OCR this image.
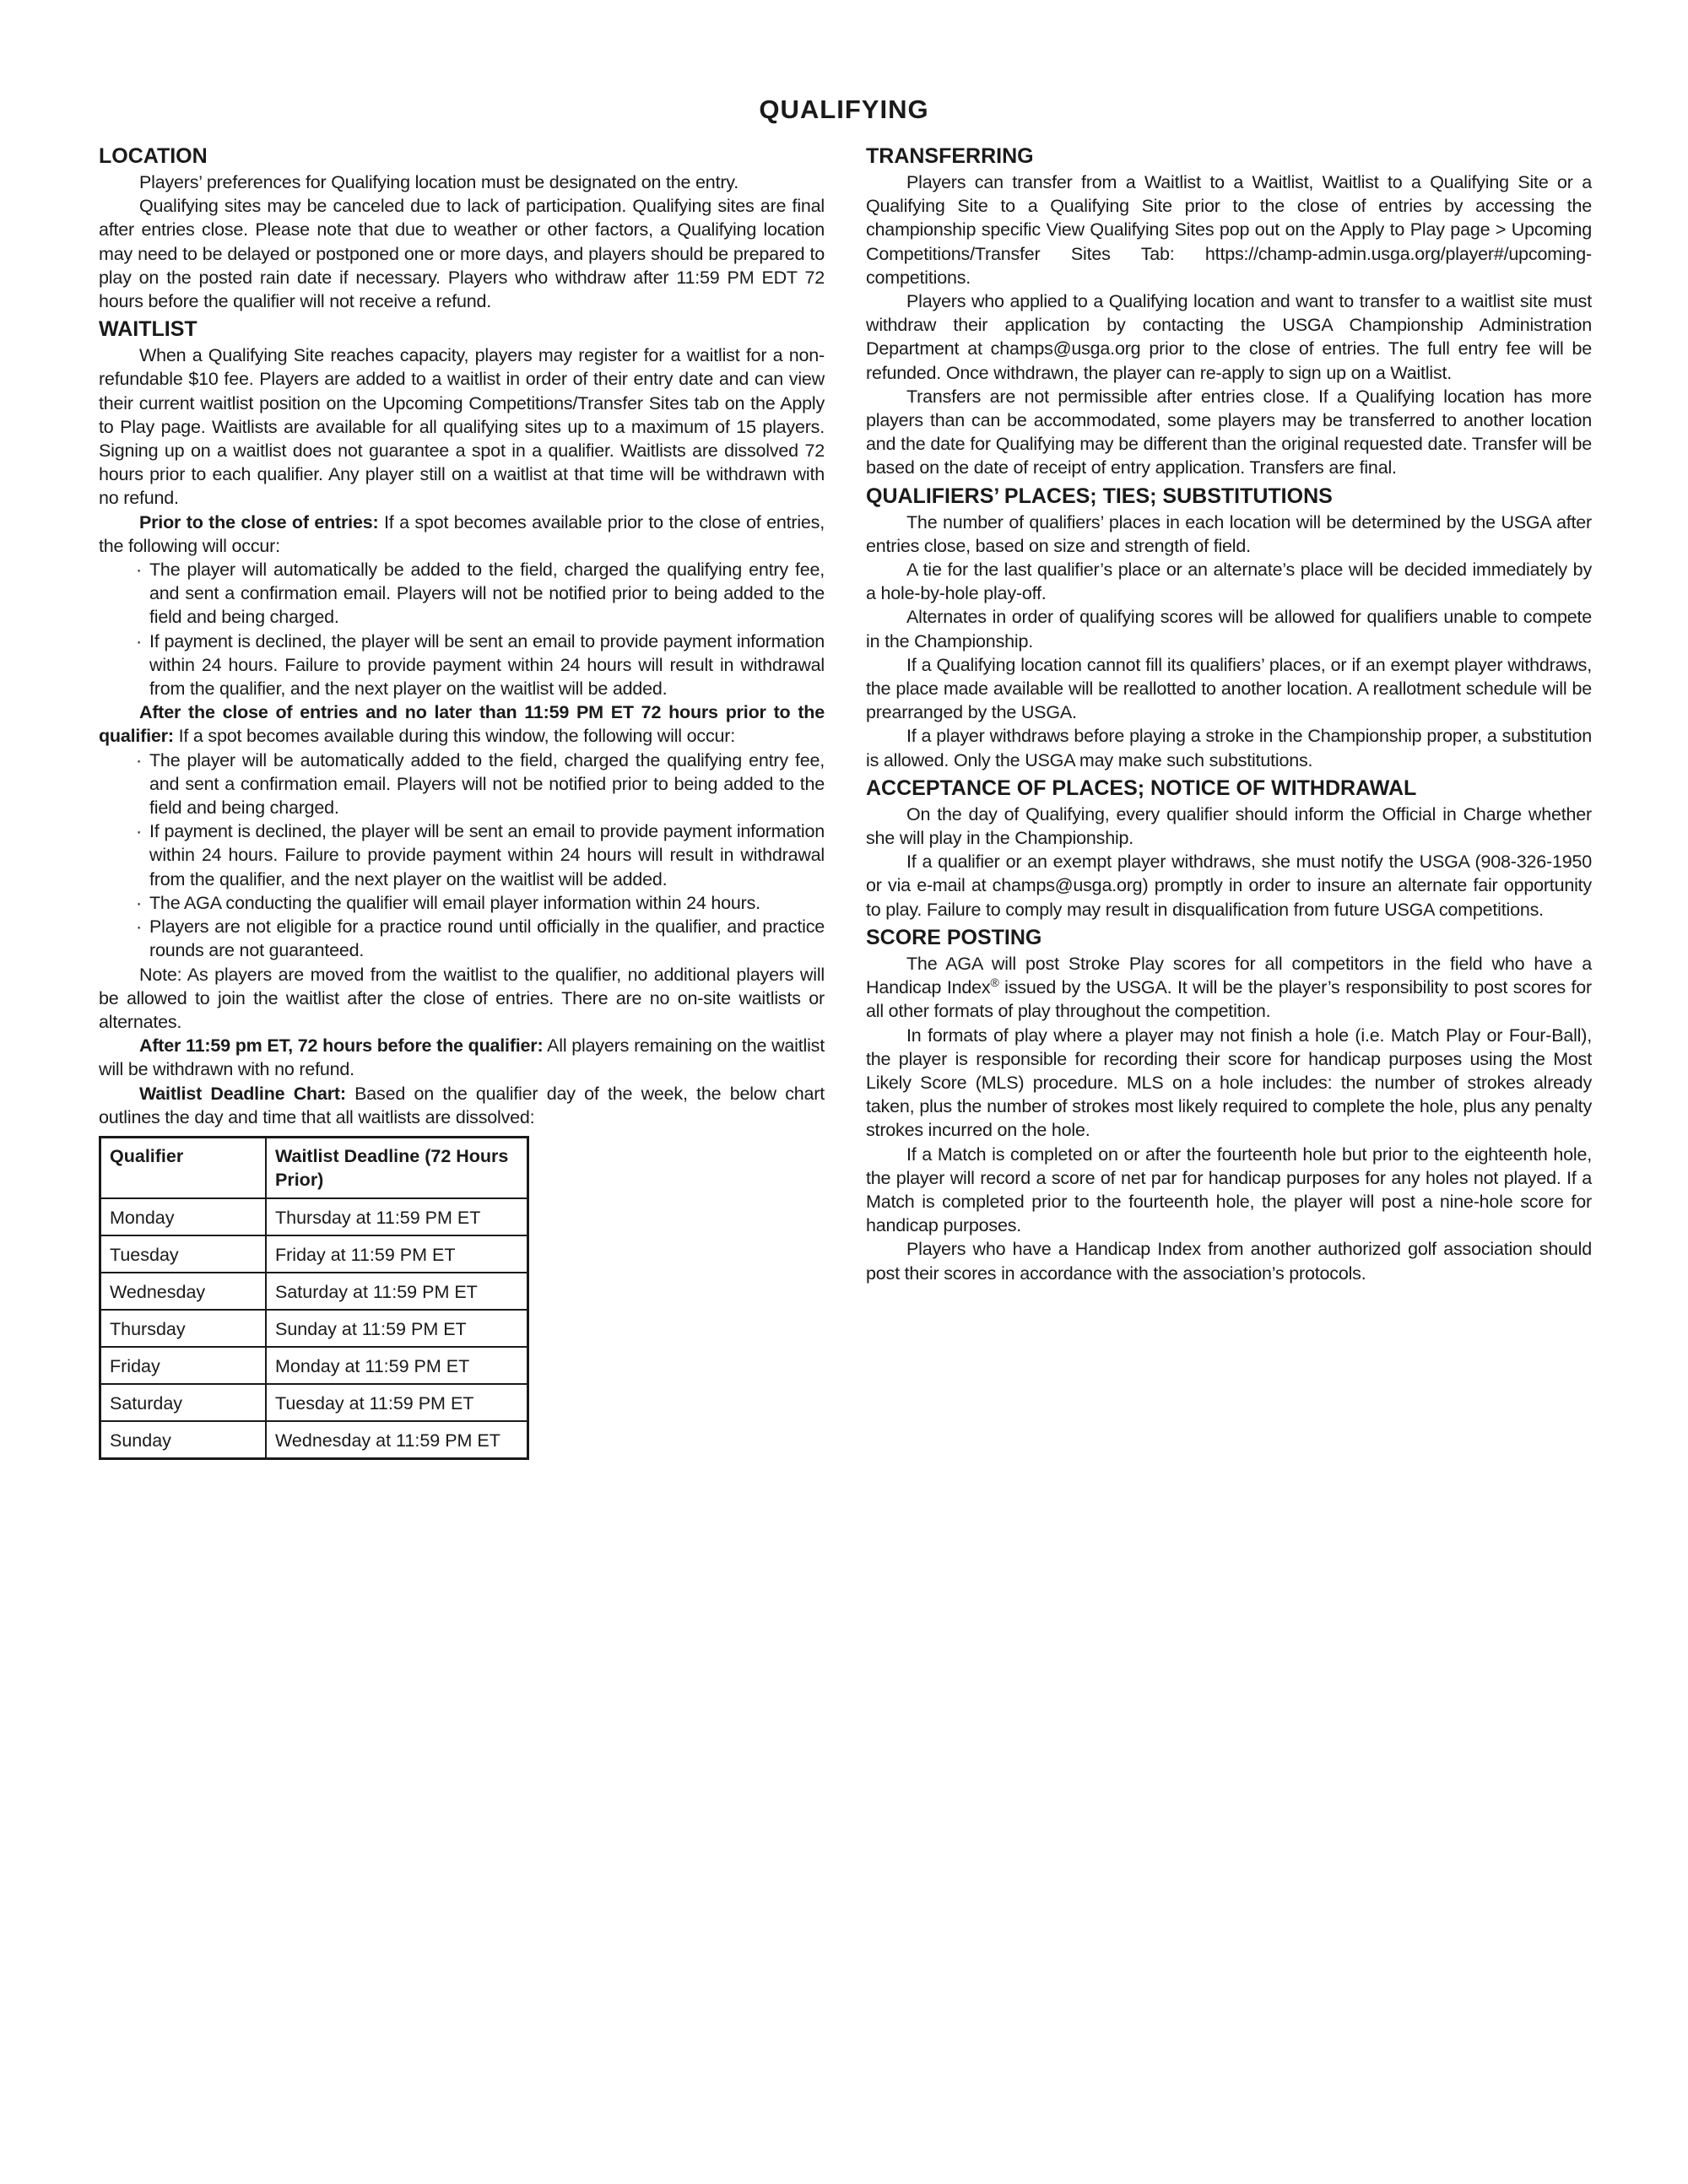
QUALIFYING
LOCATION

Players’ preferences for Qualifying location must be designated on the entry.

Qualifying sites may be canceled due to lack of participation. Qualifying sites are final after entries close. Please note that due to weather or other factors, a Qualifying location may need to be delayed or postponed one or more days, and players should be prepared to play on the posted rain date if necessary. Players who withdraw after 11:59 PM EDT 72 hours before the qualifier will not receive a refund.

WAITLIST

When a Qualifying Site reaches capacity, players may register for a waitlist for a non-refundable $10 fee. Players are added to a waitlist in order of their entry date and can view their current waitlist position on the Upcoming Competitions/Transfer Sites tab on the Apply to Play page. Waitlists are available for all qualifying sites up to a maximum of 15 players. Signing up on a waitlist does not guarantee a spot in a qualifier. Waitlists are dissolved 72 hours prior to each qualifier. Any player still on a waitlist at that time will be withdrawn with no refund.

Prior to the close of entries: If a spot becomes available prior to the close of entries, the following will occur:

· The player will automatically be added to the field, charged the qualifying entry fee, and sent a confirmation email. Players will not be notified prior to being added to the field and being charged.
· If payment is declined, the player will be sent an email to provide payment information within 24 hours. Failure to provide payment within 24 hours will result in withdrawal from the qualifier, and the next player on the waitlist will be added.

After the close of entries and no later than 11:59 PM ET 72 hours prior to the qualifier: If a spot becomes available during this window, the following will occur:

· The player will be automatically added to the field, charged the qualifying entry fee, and sent a confirmation email. Players will not be notified prior to being added to the field and being charged.
· If payment is declined, the player will be sent an email to provide payment information within 24 hours. Failure to provide payment within 24 hours will result in withdrawal from the qualifier, and the next player on the waitlist will be added.
· The AGA conducting the qualifier will email player information within 24 hours.
· Players are not eligible for a practice round until officially in the qualifier, and practice rounds are not guaranteed.

Note: As players are moved from the waitlist to the qualifier, no additional players will be allowed to join the waitlist after the close of entries. There are no on-site waitlists or alternates.

After 11:59 pm ET, 72 hours before the qualifier: All players remaining on the waitlist will be withdrawn with no refund.

Waitlist Deadline Chart: Based on the qualifier day of the week, the below chart outlines the day and time that all waitlists are dissolved:

Qualifier	Waitlist Deadline (72 Hours Prior)
Monday	Thursday at 11:59 PM ET
Tuesday	Friday at 11:59 PM ET
Wednesday	Saturday at 11:59 PM ET
Thursday	Sunday at 11:59 PM ET
Friday	Monday at 11:59 PM ET
Saturday	Tuesday at 11:59 PM ET
Sunday	Wednesday at 11:59 PM ET
TRANSFERRING

Players can transfer from a Waitlist to a Waitlist, Waitlist to a Qualifying Site or a Qualifying Site to a Qualifying Site prior to the close of entries by accessing the championship specific View Qualifying Sites pop out on the Apply to Play page > Upcoming Competitions/Transfer Sites Tab: https://champ-admin.usga.org/player#/upcoming-competitions.

Players who applied to a Qualifying location and want to transfer to a waitlist site must withdraw their application by contacting the USGA Championship Administration Department at champs@usga.org prior to the close of entries. The full entry fee will be refunded. Once withdrawn, the player can re-apply to sign up on a Waitlist.

Transfers are not permissible after entries close. If a Qualifying location has more players than can be accommodated, some players may be transferred to another location and the date for Qualifying may be different than the original requested date. Transfer will be based on the date of receipt of entry application. Transfers are final.

QUALIFIERS’ PLACES; TIES; SUBSTITUTIONS

The number of qualifiers’ places in each location will be determined by the USGA after entries close, based on size and strength of field.

A tie for the last qualifier’s place or an alternate’s place will be decided immediately by a hole-by-hole play-off.

Alternates in order of qualifying scores will be allowed for qualifiers unable to compete in the Championship.

If a Qualifying location cannot fill its qualifiers’ places, or if an exempt player withdraws, the place made available will be reallotted to another location. A reallotment schedule will be prearranged by the USGA.

If a player withdraws before playing a stroke in the Championship proper, a substitution is allowed. Only the USGA may make such substitutions.

ACCEPTANCE OF PLACES; NOTICE OF WITHDRAWAL

On the day of Qualifying, every qualifier should inform the Official in Charge whether she will play in the Championship.

If a qualifier or an exempt player withdraws, she must notify the USGA (908-326-1950 or via e-mail at champs@usga.org) promptly in order to insure an alternate fair opportunity to play. Failure to comply may result in disqualification from future USGA competitions.

SCORE POSTING

The AGA will post Stroke Play scores for all competitors in the field who have a Handicap Index® issued by the USGA. It will be the player’s responsibility to post scores for all other formats of play throughout the competition.

In formats of play where a player may not finish a hole (i.e. Match Play or Four-Ball), the player is responsible for recording their score for handicap purposes using the Most Likely Score (MLS) procedure. MLS on a hole includes: the number of strokes already taken, plus the number of strokes most likely required to complete the hole, plus any penalty strokes incurred on the hole.

If a Match is completed on or after the fourteenth hole but prior to the eighteenth hole, the player will record a score of net par for handicap purposes for any holes not played. If a Match is completed prior to the fourteenth hole, the player will post a nine-hole score for handicap purposes.

Players who have a Handicap Index from another authorized golf association should post their scores in accordance with the association’s protocols.
